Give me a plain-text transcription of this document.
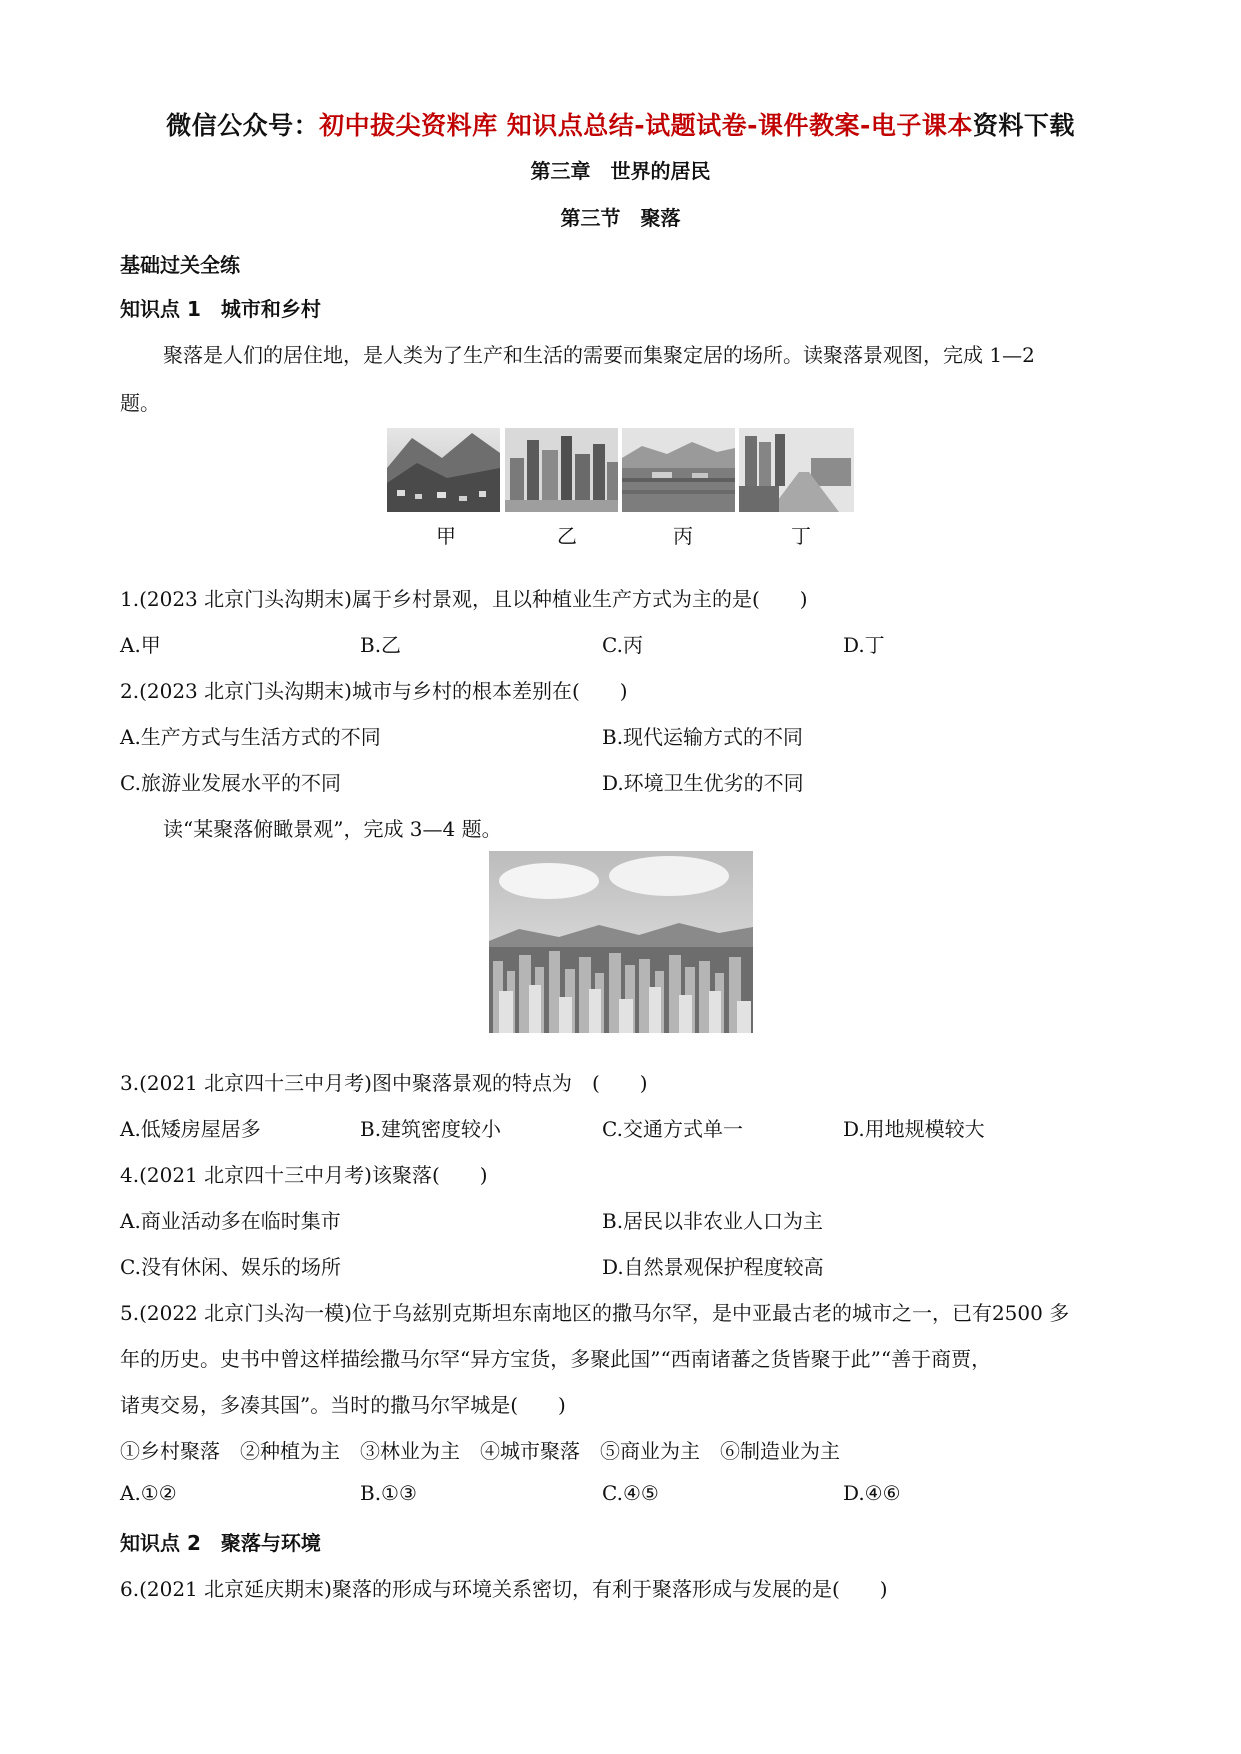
微信公众号：初中拔尖资料库 知识点总结-试题试卷-课件教案-电子课本资料下载
第三章　世界的居民
第三节　聚落
基础过关全练
知识点 1　城市和乡村
聚落是人们的居住地，是人类为了生产和生活的需要而集聚定居的场所。读聚落景观图，完成 1—2
题。
甲	乙	丙	丁
1.(2023 北京门头沟期末)属于乡村景观，且以种植业生产方式为主的是(　　)
A.甲	B.乙	C.丙	D.丁
2.(2023 北京门头沟期末)城市与乡村的根本差别在(　　)
A.生产方式与生活方式的不同	B.现代运输方式的不同
C.旅游业发展水平的不同	D.环境卫生优劣的不同
读“某聚落俯瞰景观”，完成 3—4 题。
3.(2021 北京四十三中月考)图中聚落景观的特点为　(　　)
A.低矮房屋居多	B.建筑密度较小	C.交通方式单一	D.用地规模较大
4.(2021 北京四十三中月考)该聚落(　　)
A.商业活动多在临时集市	B.居民以非农业人口为主
C.没有休闲、娱乐的场所	D.自然景观保护程度较高
5.(2022 北京门头沟一模)位于乌兹别克斯坦东南地区的撒马尔罕，是中亚最古老的城市之一，已有2500 多
年的历史。史书中曾这样描绘撒马尔罕“异方宝货，多聚此国”“西南诸蕃之货皆聚于此”“善于商贾，
诸夷交易，多凑其国”。当时的撒马尔罕城是(　　)
①乡村聚落　②种植为主　③林业为主　④城市聚落　⑤商业为主　⑥制造业为主
A.①②	B.①③	C.④⑤	D.④⑥
知识点 2　聚落与环境
6.(2021 北京延庆期末)聚落的形成与环境关系密切，有利于聚落形成与发展的是(　　)
